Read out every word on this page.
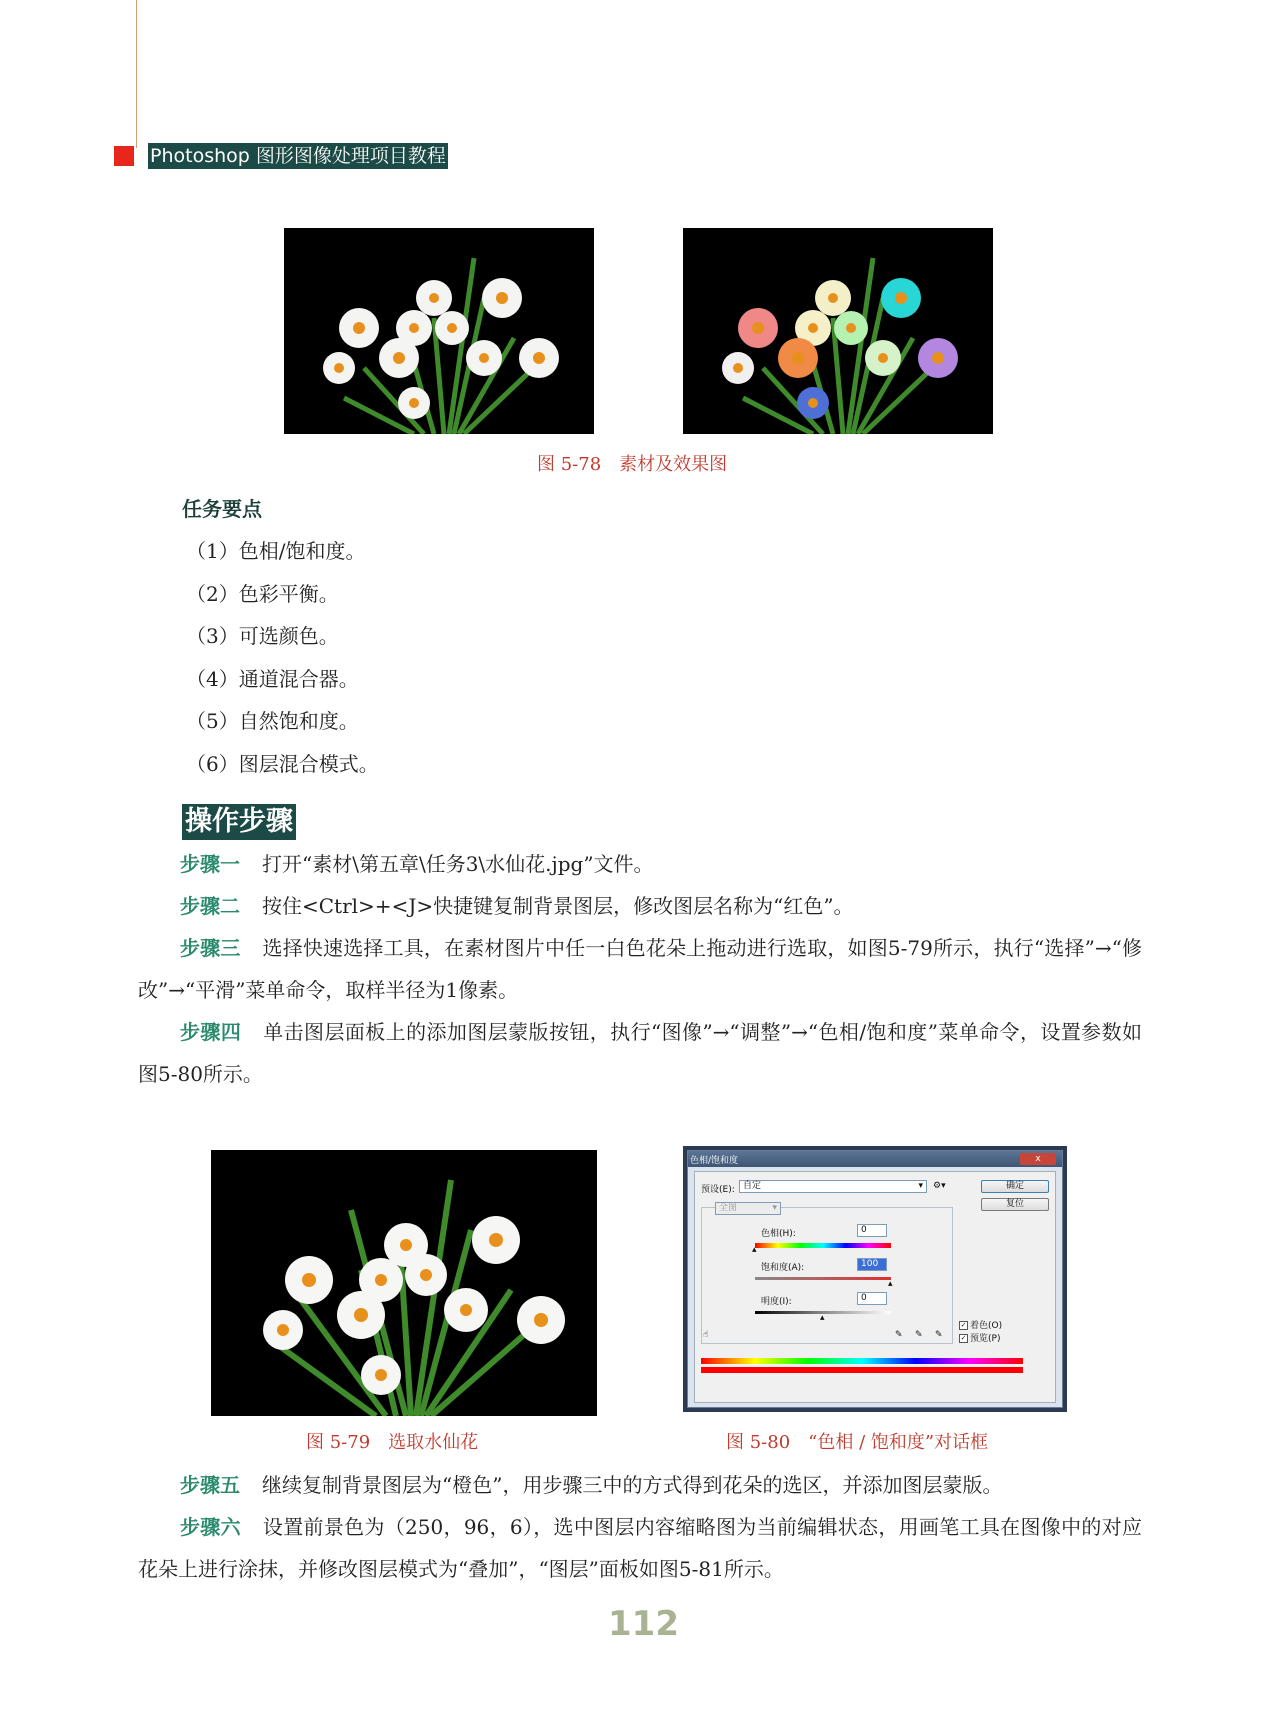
Photoshop 图形图像处理项目教程
图 5-78　素材及效果图
任务要点
（1）色相/饱和度。
（2）色彩平衡。
（3）可选颜色。
（4）通道混合器。
（5）自然饱和度。
（6）图层混合模式。
操作步骤

步骤一 打开“素材\第五章\任务3\水仙花.jpg”文件。

步骤二 按住<Ctrl>+<J>快捷键复制背景图层，修改图层名称为“红色”。

步骤三 选择快速选择工具，在素材图片中任一白色花朵上拖动进行选取，如图5-79所示，执行“选择”→“修改”→“平滑”菜单命令，取样半径为1像素。

步骤四 单击图层面板上的添加图层蒙版按钮，执行“图像”→“调整”→“色相/饱和度”菜单命令，设置参数如图5-80所示。

色相/饱和度	x
预设(E): 自定	▾ ⚙▾	确定
复位
全图	▾
色相(H):	0
▴
饱和度(A):	100
▴
明度(I):	0
▴
☝	✎ ✎ ✎
✓ 着色(O)
✓ 预览(P)
图 5-79　选取水仙花	图 5-80　“色相 / 饱和度”对话框

步骤五 继续复制背景图层为“橙色”，用步骤三中的方式得到花朵的选区，并添加图层蒙版。

步骤六 设置前景色为（250，96，6），选中图层内容缩略图为当前编辑状态，用画笔工具在图像中的对应花朵上进行涂抹，并修改图层模式为“叠加”，“图层”面板如图5-81所示。

112
